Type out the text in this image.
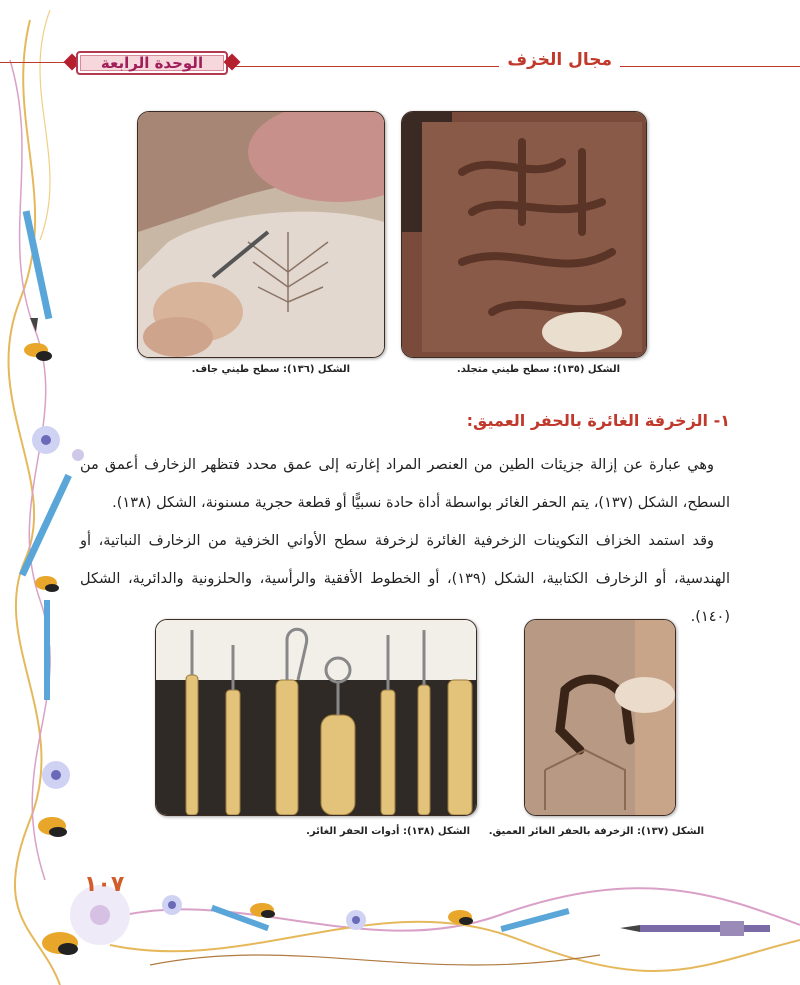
الوحدة الرابعة	مجال الخزف
الشكل (١٣٦): سطح طيني جاف.	الشكل (١٣٥): سطح طيني متجلد.
١- الزخرفة الغائرة بالحفر العميق:

وهي عبارة عن إزالة جزيئات الطين من العنصر المراد إغارته إلى عمق محدد فتظهر الزخارف أعمق من السطح، الشكل (١٣٧)، يتم الحفر الغائر بواسطة أداة حادة نسبيًّا أو قطعة حجرية مسنونة، الشكل (١٣٨).

وقد استمد الخزاف التكوينات الزخرفية الغائرة لزخرفة سطح الأواني الخزفية من الزخارف النباتية، أو الهندسية، أو الزخارف الكتابية، الشكل (١٣٩)، أو الخطوط الأفقية والرأسية، والحلزونية والدائرية، الشكل (١٤٠).

الشكل (١٣٨): أدوات الحفر الغائر. الشكل (١٣٧): الزخرفة بالحفر الغائر العميق.
١٠٧
